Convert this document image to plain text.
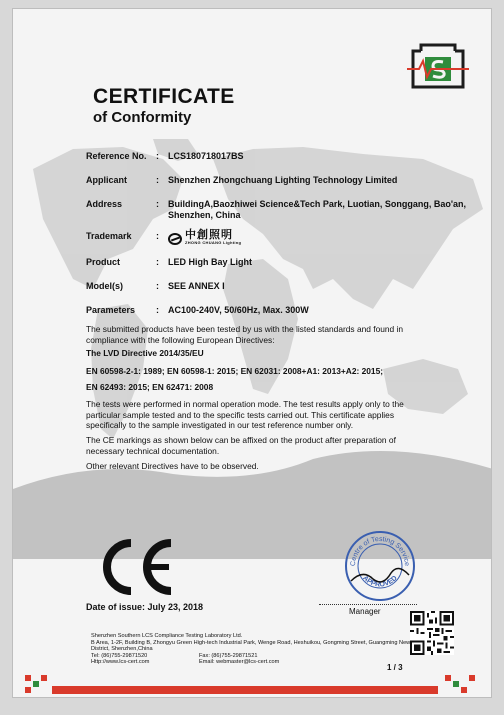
CERTIFICATE
of Conformity
Reference No.	:	LCS180718017BS
Applicant	:	Shenzhen Zhongchuang Lighting Technology Limited
Address	:	BuildingA,Baozhiwei Science&Tech Park, Luotian, Songgang, Bao'an, Shenzhen, China
Trademark	:	中創照明
ZHONG CHUANG Lighting
Product	:	LED High Bay Light
Model(s)	:	SEE ANNEX I
Parameters	:	AC100-240V, 50/60Hz, Max. 300W
The submitted products have been tested by us with the listed standards and found in compliance with the following European Directives:
The LVD Directive 2014/35/EU
EN 60598-2-1: 1989; EN 60598-1: 2015; EN 62031: 2008+A1: 2013+A2: 2015;
EN 62493: 2015; EN 62471: 2008
The tests were performed in normal operation mode. The test results apply only to the particular sample tested and to the specific tests carried out. This certificate applies specifically to the sample investigated in our test reference number only.
The CE markings as shown below can be affixed on the product after preparation of necessary technical documentation.
Other relevant Directives have to be observed.
Date of issue: July 23, 2018
Centre of Testing Service
APPROVED
Manager
Shenzhen Southern LCS Compliance Testing Laboratory Ltd.
B Area, 1-2F, Building B, Zhongyu Green High-tech Industrial Park, Wenge Road, Heshuikou, Gongming Street, Guangming New District, Shenzhen,China
Tel: (86)755-29871520	Fax: (86)755-29871521
Http://www.lcs-cert.com	Email: webmaster@lcs-cert.com
1 / 3
